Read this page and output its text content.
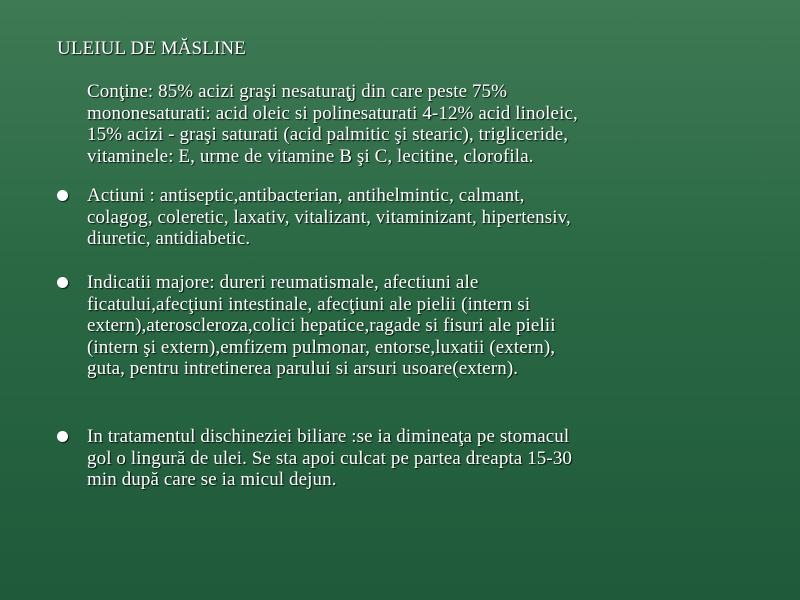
ULEIUL DE MĂSLINE
Conţine: 85% acizi graşi nesaturaţj din care peste 75%
mononesaturati: acid oleic si polinesaturati 4-12% acid linoleic,
15% acizi - graşi saturati (acid palmitic şi stearic), trigliceride,
vitaminele: E, urme de vitamine B şi C, lecitine, clorofila.
Actiuni : antiseptic,antibacterian, antihelmintic, calmant,
colagog, coleretic, laxativ, vitalizant, vitaminizant, hipertensiv,
diuretic, antidiabetic.
Indicatii majore: dureri reumatismale, afectiuni ale
ficatului,afecţiuni intestinale, afecţiuni ale pielii (intern si
extern),ateroscleroza,colici hepatice,ragade si fisuri ale pielii
(intern şi extern),emfizem pulmonar, entorse,luxatii (extern),
guta, pentru intretinerea parului si arsuri usoare(extern).
In tratamentul dischineziei biliare :se ia dimineaţa pe stomacul
gol o lingură de ulei. Se sta apoi culcat pe partea dreapta 15-30
min după care se ia micul dejun.
